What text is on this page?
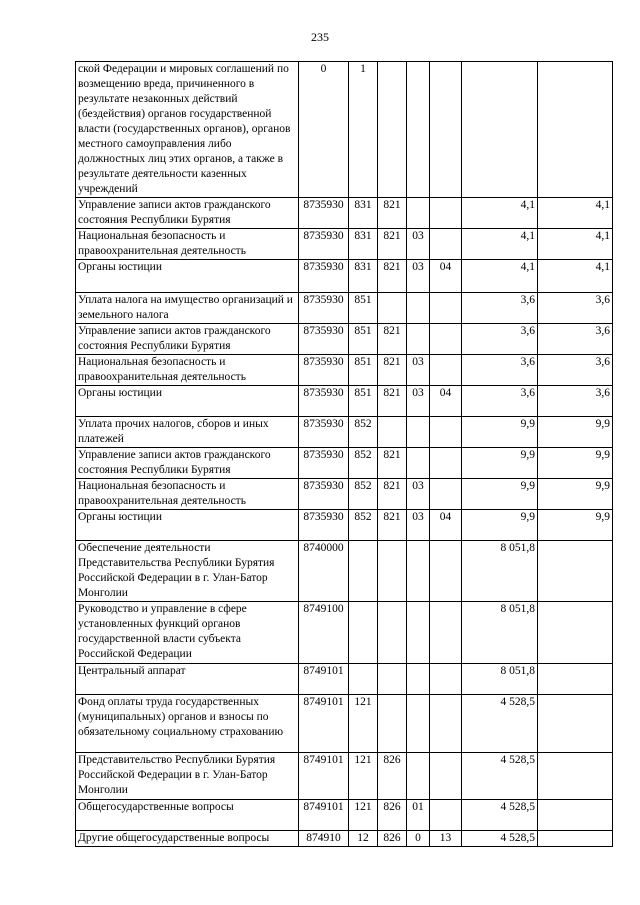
235
ской Федерации и мировых соглашений по возмещению вреда, причиненного в результате незаконных действий (бездействия) органов государственной власти (государственных органов), органов местного самоуправления либо должностных лиц этих органов, а также в результате деятельности казенных учреждений	0	1					
Управление записи актов гражданского состояния Республики Бурятия	8735930	831	821			4,1	4,1
Национальная безопасность и правоохранительная деятельность	8735930	831	821	03		4,1	4,1
Органы юстиции	8735930	831	821	03	04	4,1	4,1
Уплата налога на имущество организаций и земельного налога	8735930	851				3,6	3,6
Управление записи актов гражданского состояния Республики Бурятия	8735930	851	821			3,6	3,6
Национальная безопасность и правоохранительная деятельность	8735930	851	821	03		3,6	3,6
Органы юстиции	8735930	851	821	03	04	3,6	3,6
Уплата прочих налогов, сборов и иных платежей	8735930	852				9,9	9,9
Управление записи актов гражданского состояния Республики Бурятия	8735930	852	821			9,9	9,9
Национальная безопасность и правоохранительная деятельность	8735930	852	821	03		9,9	9,9
Органы юстиции	8735930	852	821	03	04	9,9	9,9
Обеспечение деятельности Представительства Республики Бурятия Российской Федерации в г. Улан-Батор Монголии	8740000					8 051,8	
Руководство и управление в сфере установленных функций органов государственной власти субъекта Российской Федерации	8749100					8 051,8	
Центральный аппарат	8749101					8 051,8	
Фонд оплаты труда государственных (муниципальных) органов и взносы по обязательному социальному страхованию	8749101	121				4 528,5	
Представительство Республики Бурятия Российской Федерации в г. Улан-Батор Монголии	8749101	121	826			4 528,5	
Общегосударственные вопросы	8749101	121	826	01		4 528,5	
Другие общегосударственные вопросы	874910	12	826	0	13	4 528,5	
